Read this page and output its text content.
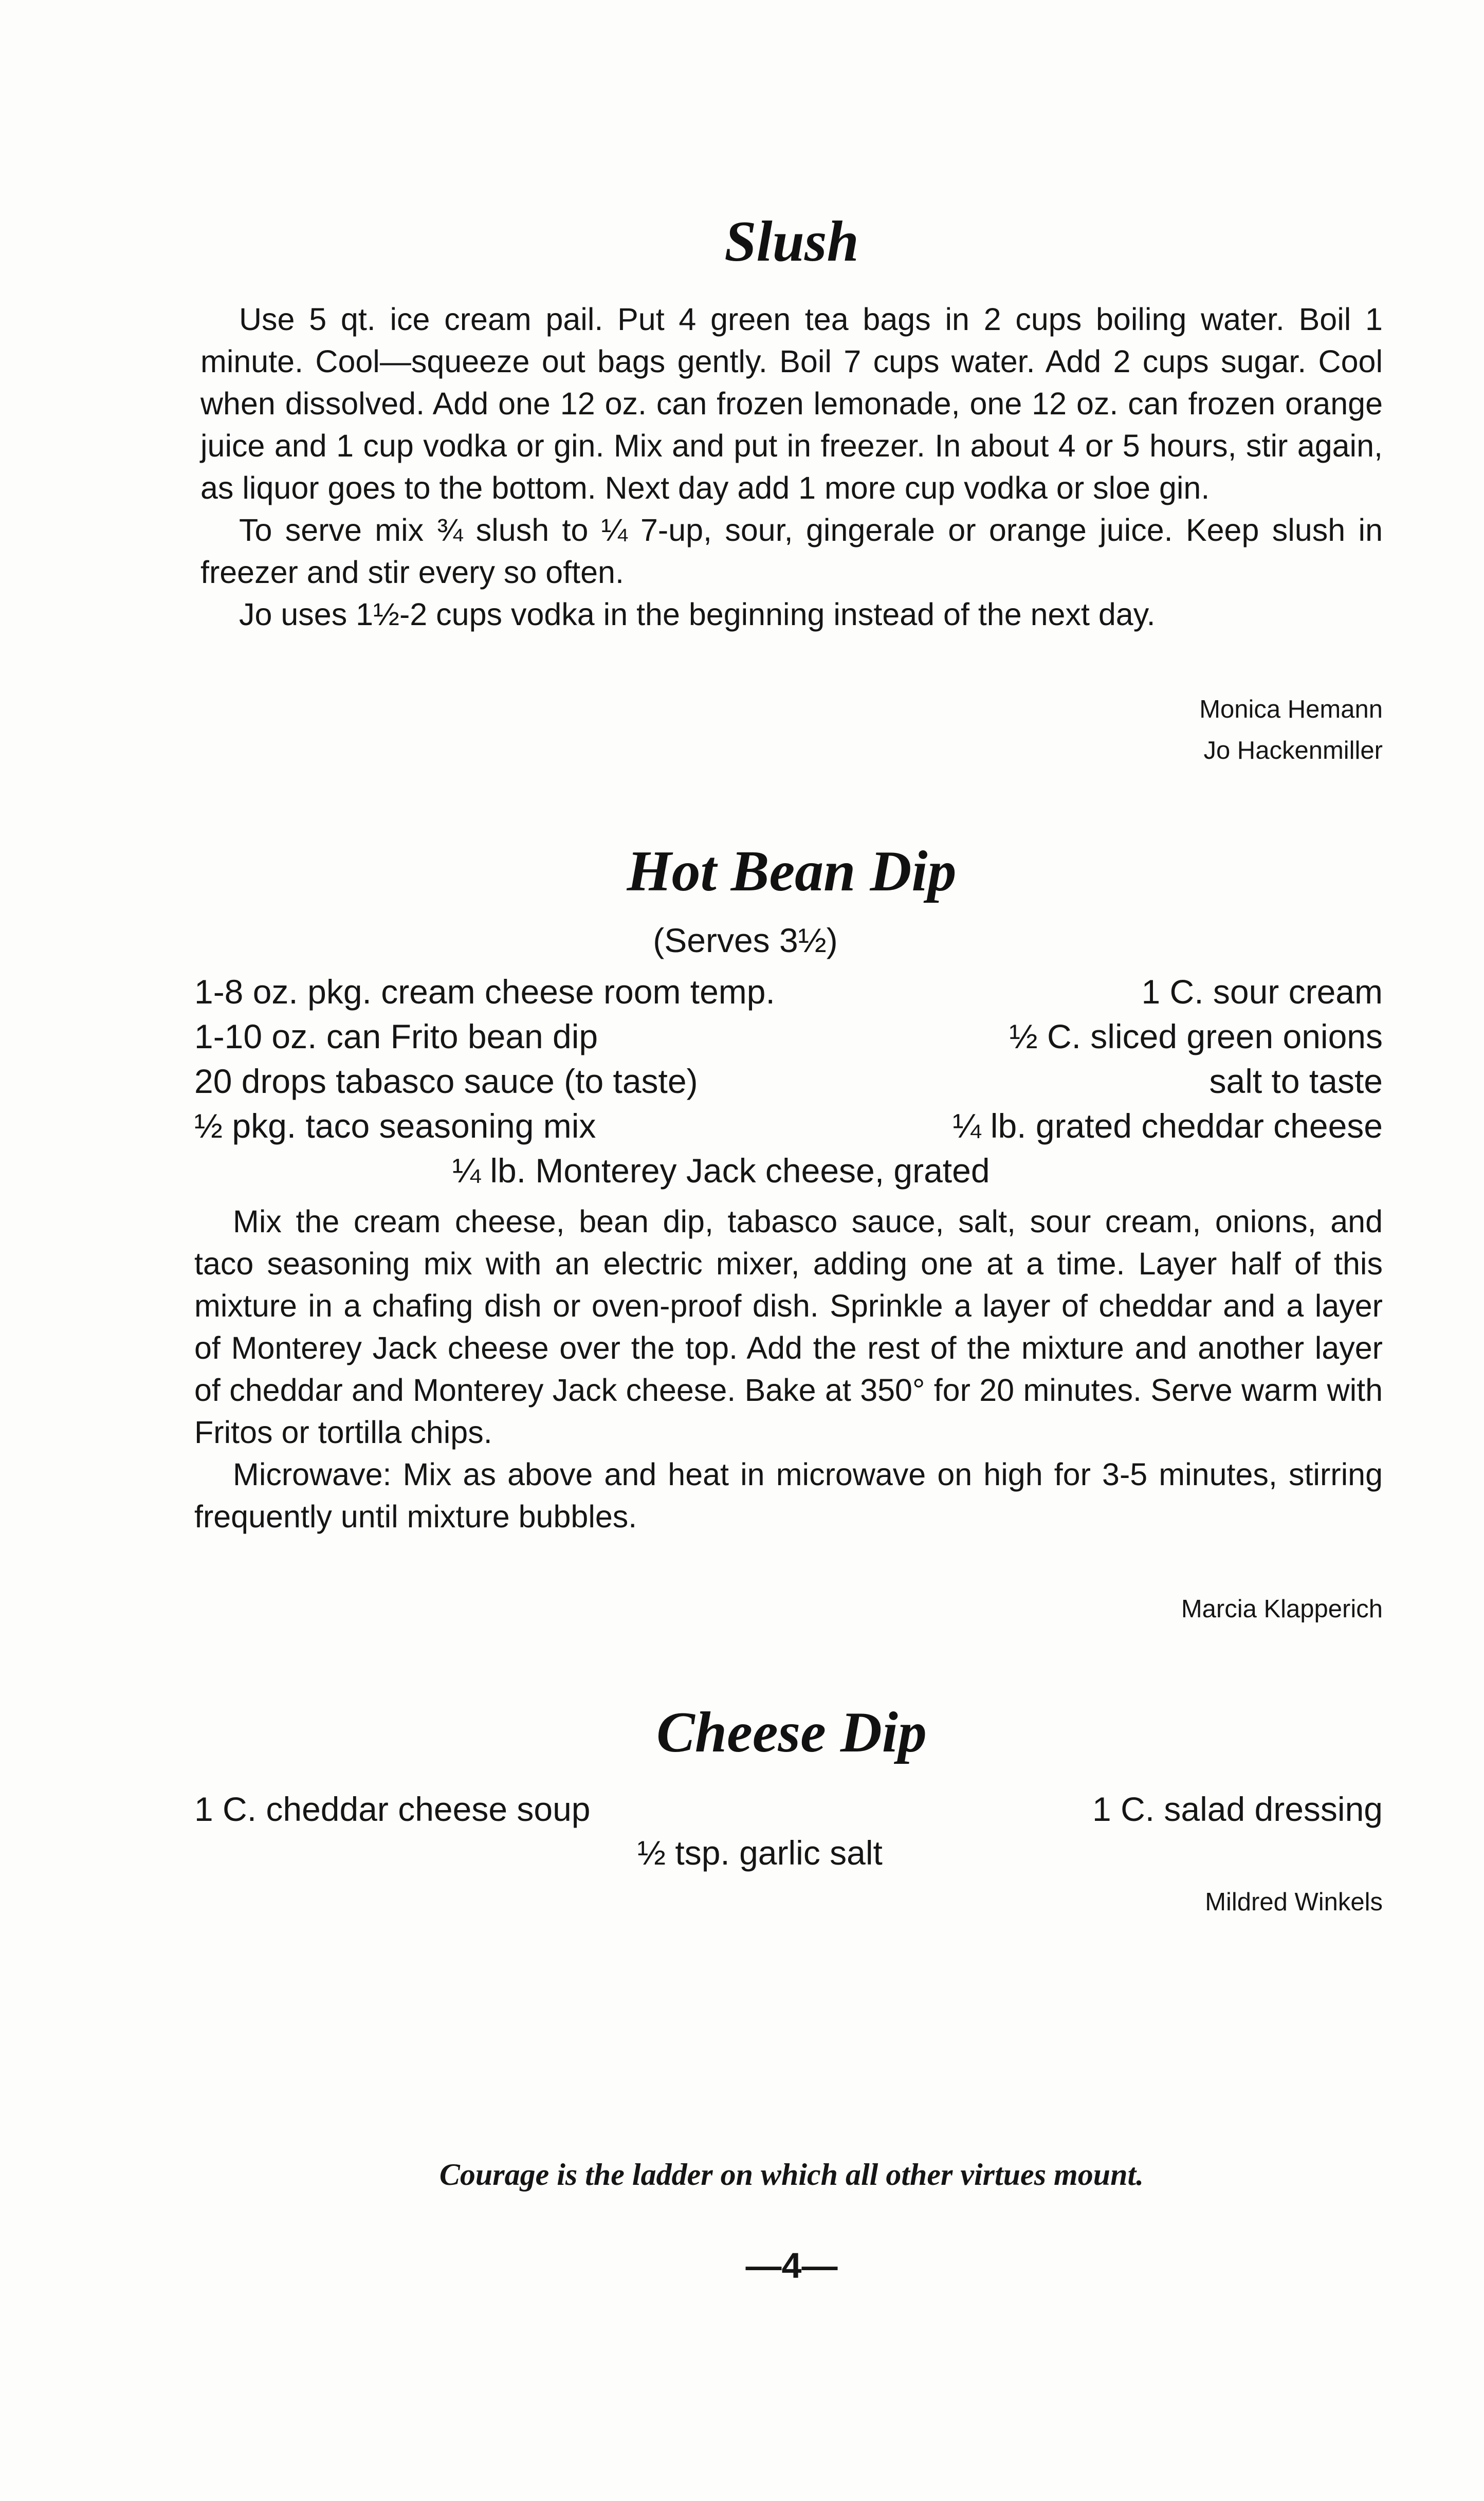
Slush

Use 5 qt. ice cream pail. Put 4 green tea bags in 2 cups boiling water. Boil 1 minute. Cool—squeeze out bags gently. Boil 7 cups water. Add 2 cups sugar. Cool when dissolved. Add one 12 oz. can frozen lemonade, one 12 oz. can frozen orange juice and 1 cup vodka or gin. Mix and put in freezer. In about 4 or 5 hours, stir again, as liquor goes to the bottom. Next day add 1 more cup vodka or sloe gin.

To serve mix ¾ slush to ¼ 7-up, sour, gingerale or orange juice. Keep slush in freezer and stir every so often.

Jo uses 1½-2 cups vodka in the beginning instead of the next day.

Monica Hemann
Jo Hackenmiller
Hot Bean Dip
(Serves 3½)
1-8 oz. pkg. cream cheese room temp.	1 C. sour cream
1-10 oz. can Frito bean dip	½ C. sliced green onions
20 drops tabasco sauce (to taste)	salt to taste
½ pkg. taco seasoning mix	¼ lb. grated cheddar cheese
¼ lb. Monterey Jack cheese, grated

Mix the cream cheese, bean dip, tabasco sauce, salt, sour cream, onions, and taco seasoning mix with an electric mixer, adding one at a time. Layer half of this mixture in a chafing dish or oven-proof dish. Sprinkle a layer of cheddar and a layer of Monterey Jack cheese over the top. Add the rest of the mixture and another layer of cheddar and Monterey Jack cheese. Bake at 350° for 20 minutes. Serve warm with Fritos or tortilla chips.

Microwave: Mix as above and heat in microwave on high for 3-5 minutes, stirring frequently until mixture bubbles.

Marcia Klapperich
Cheese Dip
1 C. cheddar cheese soup	1 C. salad dressing
½ tsp. garlic salt
Mildred Winkels
Courage is the ladder on which all other virtues mount.
—4—
